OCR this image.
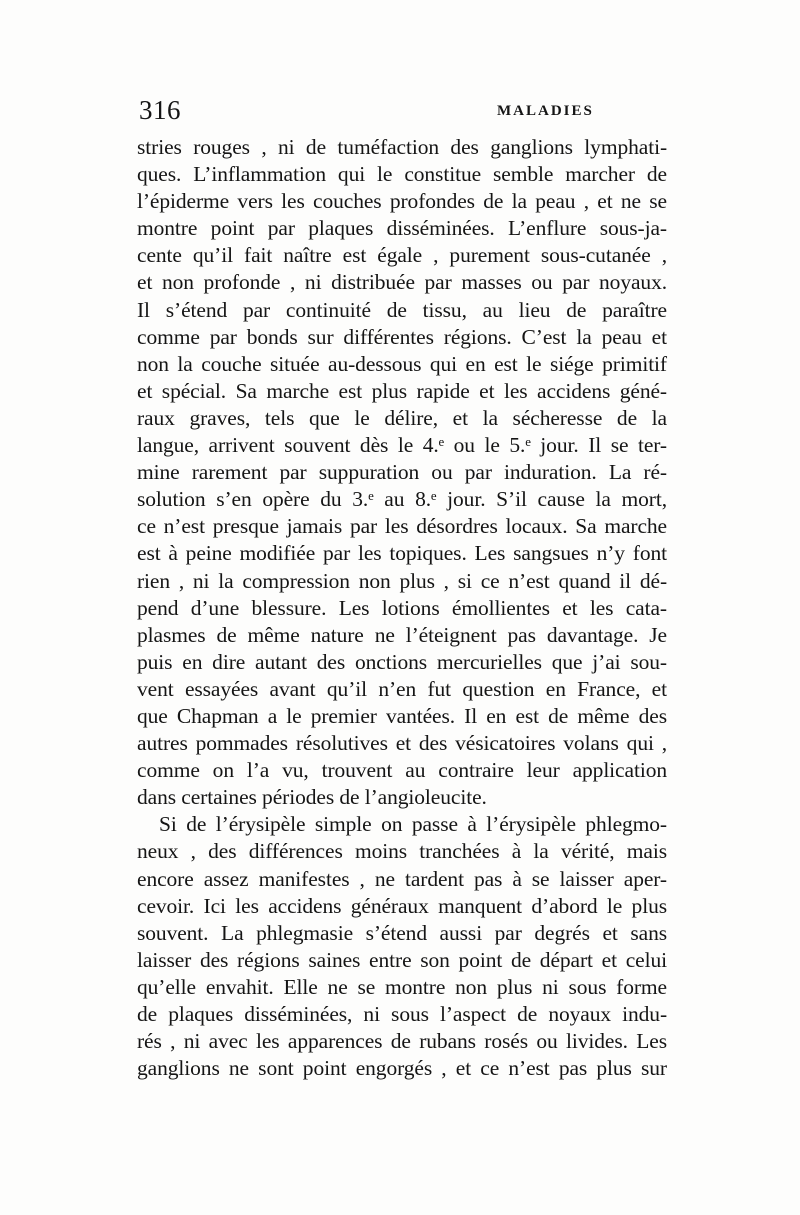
316	MALADIES
stries rouges , ni de tuméfaction des ganglions lymphati-
ques. L’inflammation qui le constitue semble marcher de
l’épiderme vers les couches profondes de la peau , et ne se
montre point par plaques disséminées. L’enflure sous-ja-
cente qu’il fait naître est égale , purement sous-cutanée ,
et non profonde , ni distribuée par masses ou par noyaux.
Il s’étend par continuité de tissu, au lieu de paraître
comme par bonds sur différentes régions. C’est la peau et
non la couche située au-dessous qui en est le siége primitif
et spécial. Sa marche est plus rapide et les accidens géné-
raux graves, tels que le délire, et la sécheresse de la
langue, arrivent souvent dès le 4.ᵉ ou le 5.ᵉ jour. Il se ter-
mine rarement par suppuration ou par induration. La ré-
solution s’en opère du 3.ᵉ au 8.ᵉ jour. S’il cause la mort,
ce n’est presque jamais par les désordres locaux. Sa marche
est à peine modifiée par les topiques. Les sangsues n’y font
rien , ni la compression non plus , si ce n’est quand il dé-
pend d’une blessure. Les lotions émollientes et les cata-
plasmes de même nature ne l’éteignent pas davantage. Je
puis en dire autant des onctions mercurielles que j’ai sou-
vent essayées avant qu’il n’en fut question en France, et
que Chapman a le premier vantées. Il en est de même des
autres pommades résolutives et des vésicatoires volans qui ,
comme on l’a vu, trouvent au contraire leur application
dans certaines périodes de l’angioleucite.
Si de l’érysipèle simple on passe à l’érysipèle phlegmo-
neux , des différences moins tranchées à la vérité, mais
encore assez manifestes , ne tardent pas à se laisser aper-
cevoir. Ici les accidens généraux manquent d’abord le plus
souvent. La phlegmasie s’étend aussi par degrés et sans
laisser des régions saines entre son point de départ et celui
qu’elle envahit. Elle ne se montre non plus ni sous forme
de plaques disséminées, ni sous l’aspect de noyaux indu-
rés , ni avec les apparences de rubans rosés ou livides. Les
ganglions ne sont point engorgés , et ce n’est pas plus sur
